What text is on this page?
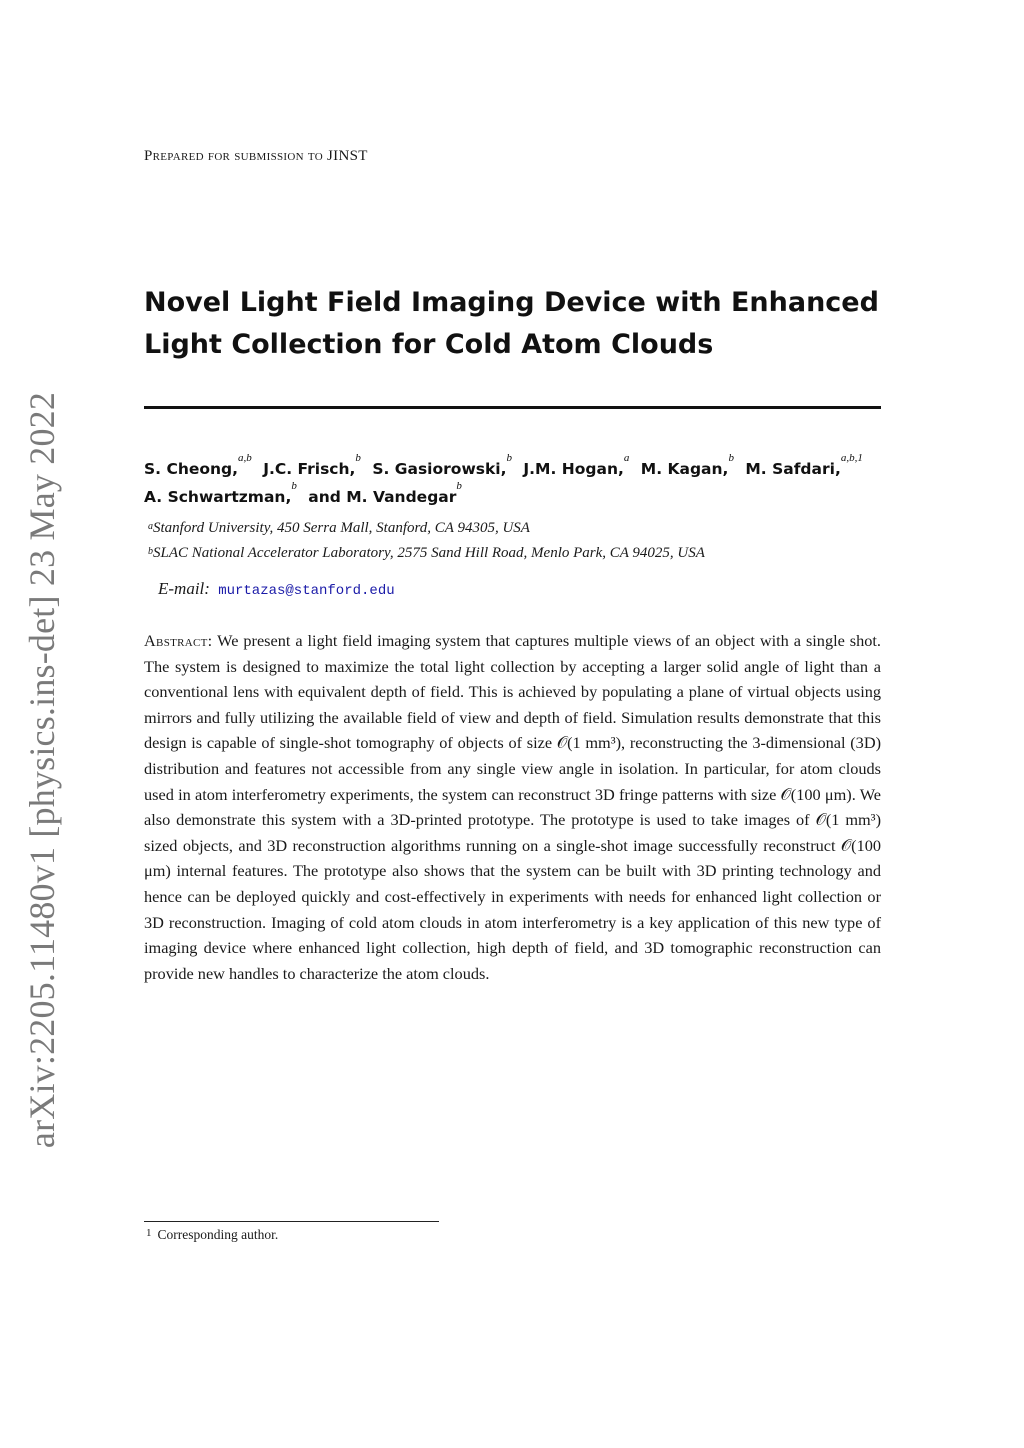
arXiv:2205.11480v1 [physics.ins-det] 23 May 2022
Prepared for submission to JINST
Novel Light Field Imaging Device with Enhanced
Light Collection for Cold Atom Clouds
S. Cheong,$^{a,b}$ J.C. Frisch,$^b$ S. Gasiorowski,$^b$ J.M. Hogan,$^a$ M. Kagan,$^b$ M. Safdari,$^{a,b,1}$
A. Schwartzman,$^b$ and M. Vandegar$^b$
$^a$Stanford University, 450 Serra Mall, Stanford, CA 94305, USA
$^b$SLAC National Accelerator Laboratory, 2575 Sand Hill Road, Menlo Park, CA 94025, USA
E-mail: murtazas@stanford.edu
Abstract: We present a light field imaging system that captures multiple views of an object with a single shot. The system is designed to maximize the total light collection by accepting a larger solid angle of light than a conventional lens with equivalent depth of field. This is achieved by populating a plane of virtual objects using mirrors and fully utilizing the available field of view and depth of field. Simulation results demonstrate that this design is capable of single-shot tomography of objects of size 𝒪(1 mm³), reconstructing the 3-dimensional (3D) distribution and features not accessible from any single view angle in isolation. In particular, for atom clouds used in atom interferometry experiments, the system can reconstruct 3D fringe patterns with size 𝒪(100 μm). We also demonstrate this system with a 3D-printed prototype. The prototype is used to take images of 𝒪(1 mm³) sized objects, and 3D reconstruction algorithms running on a single-shot image successfully reconstruct 𝒪(100 μm) internal features. The prototype also shows that the system can be built with 3D printing technology and hence can be deployed quickly and cost-effectively in experiments with needs for enhanced light collection or 3D reconstruction. Imaging of cold atom clouds in atom interferometry is a key application of this new type of imaging device where enhanced light collection, high depth of field, and 3D tomographic reconstruction can provide new handles to characterize the atom clouds.
$^1$ Corresponding author.
